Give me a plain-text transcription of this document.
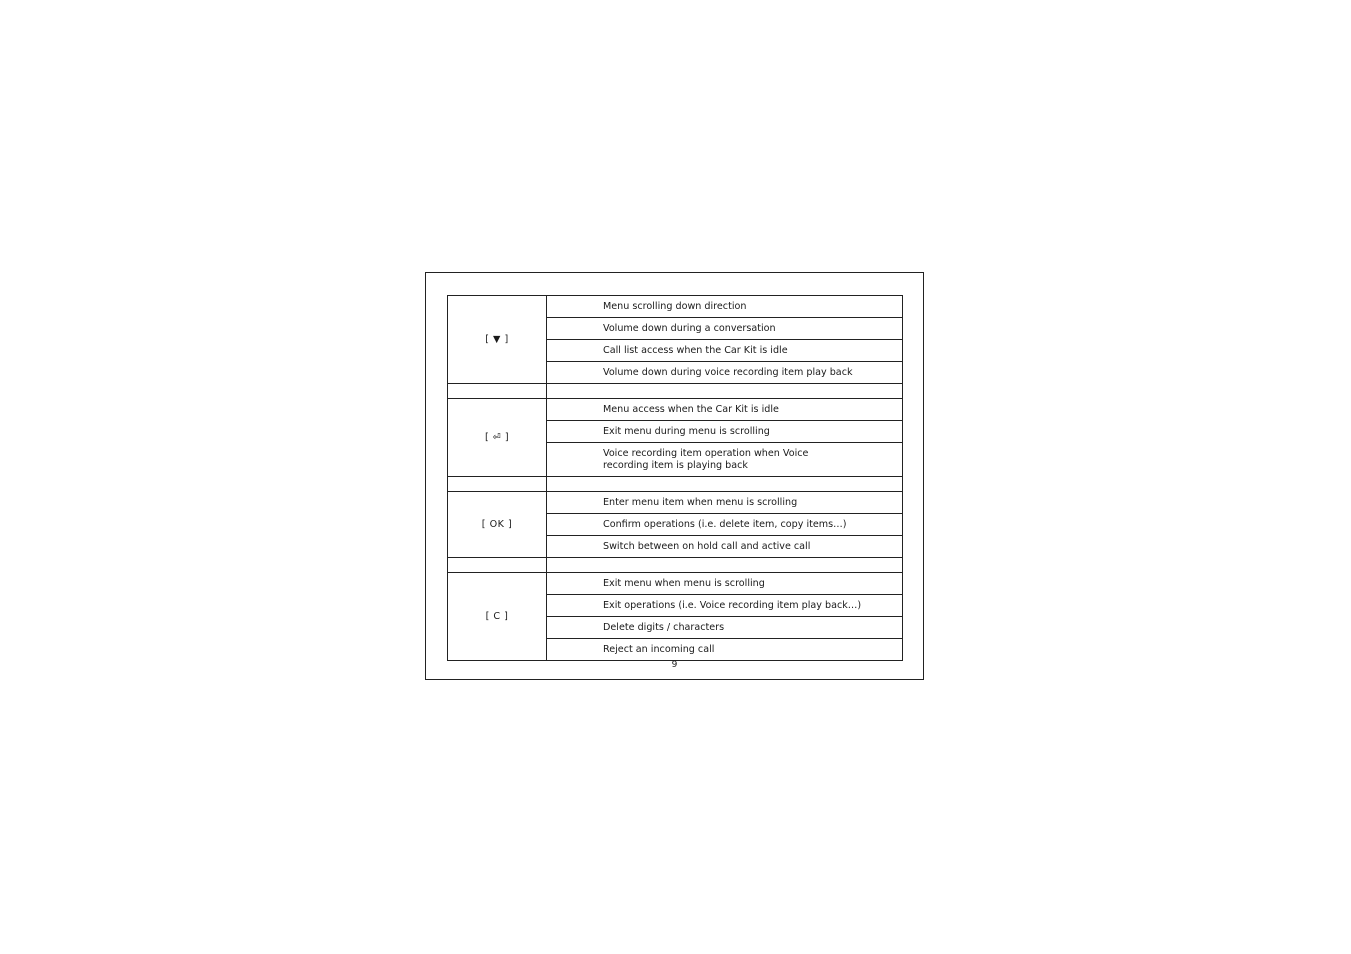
[ ▼ ]	Menu scrolling down direction
	Volume down during a conversation
	Call list access when the Car Kit is idle
	Volume down during voice recording item play back

[ ⏎ ]	Menu access when the Car Kit is idle
	Exit menu during menu is scrolling

	Voice recording item operation when Voice recording item is playing back

[ OK ]	Enter menu item when menu is scrolling
	Confirm operations (i.e. delete item, copy items…)
	Switch between on hold call and active call

[ C ]	Exit menu when menu is scrolling
	Exit operations (i.e. Voice recording item play back…)
	Delete digits / characters
	Reject an incoming call
9
